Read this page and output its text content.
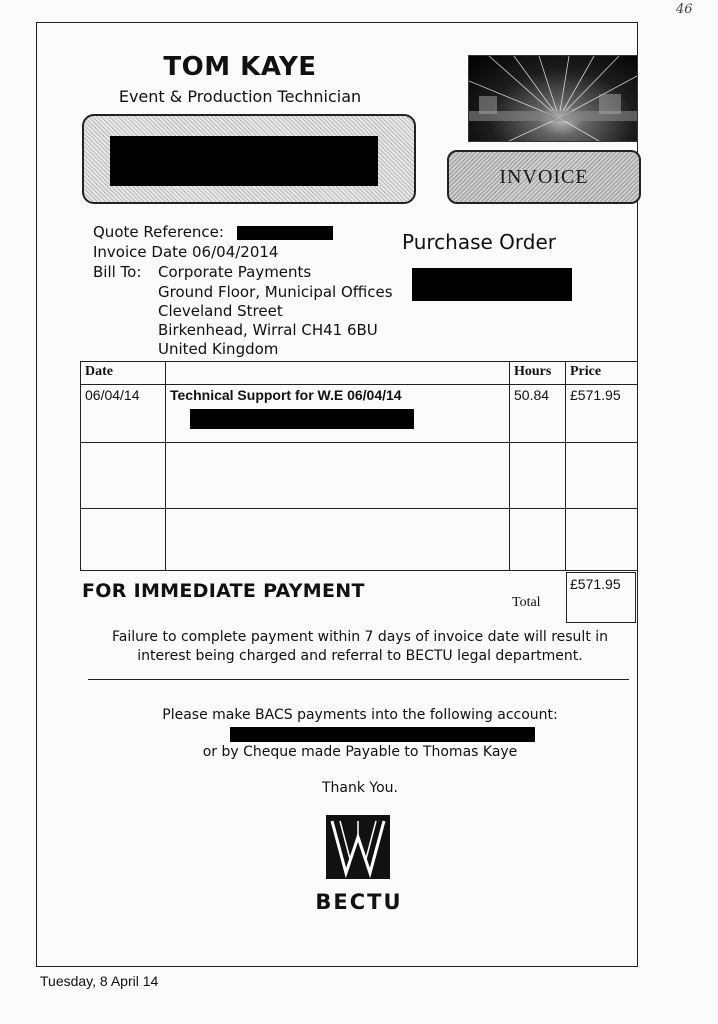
46
TOM KAYE
Event & Production Technician
INVOICE
Quote Reference:
Invoice Date 06/04/2014
Bill To: Corporate Payments
Ground Floor, Municipal Offices
Cleveland Street
Birkenhead, Wirral CH41 6BU
United Kingdom
Purchase Order
Date		Hours	Price
06/04/14	Technical Support for W.E 06/04/14	50.84	£571.95

FOR IMMEDIATE PAYMENT
Total
£571.95
Failure to complete payment within 7 days of invoice date will result in
interest being charged and referral to BECTU legal department.
Please make BACS payments into the following account:
or by Cheque made Payable to Thomas Kaye
Thank You.
BECTU
Tuesday, 8 April 14
